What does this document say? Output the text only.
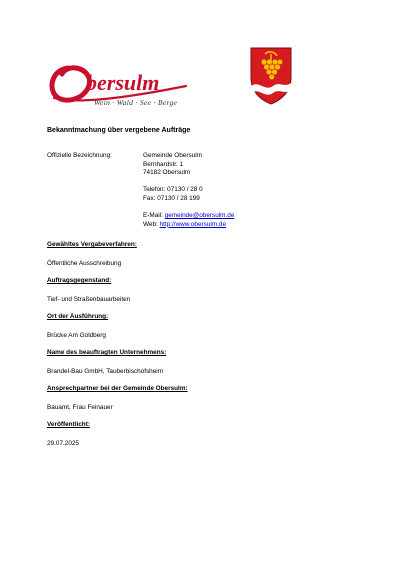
bersulm
Wein · Wald · See · Berge
Bekanntmachung über vergebene Aufträge
Offizielle Bezeichnung:	Gemeinde Obersulm
Bernhardstr. 1
74182 Obersulm
Telefon: 07130 / 28 0
Fax: 07130 / 28 199
E-Mail: gemeinde@obersulm.de
Web: http://www.obersulm.de
Gewähltes Vergabeverfahren:
Öffentliche Ausschreibung
Auftragsgegenstand:
Tief- und Straßenbauarbeiten
Ort der Ausführung:
Brücke Am Goldberg
Name des beauftragten Unternehmens:
Brandel-Bau GmbH, Tauberbischofsheim
Ansprechpartner bei der Gemeinde Obersulm:
Bauamt, Frau Feinauer
Veröffentlicht:
29.07.2025
